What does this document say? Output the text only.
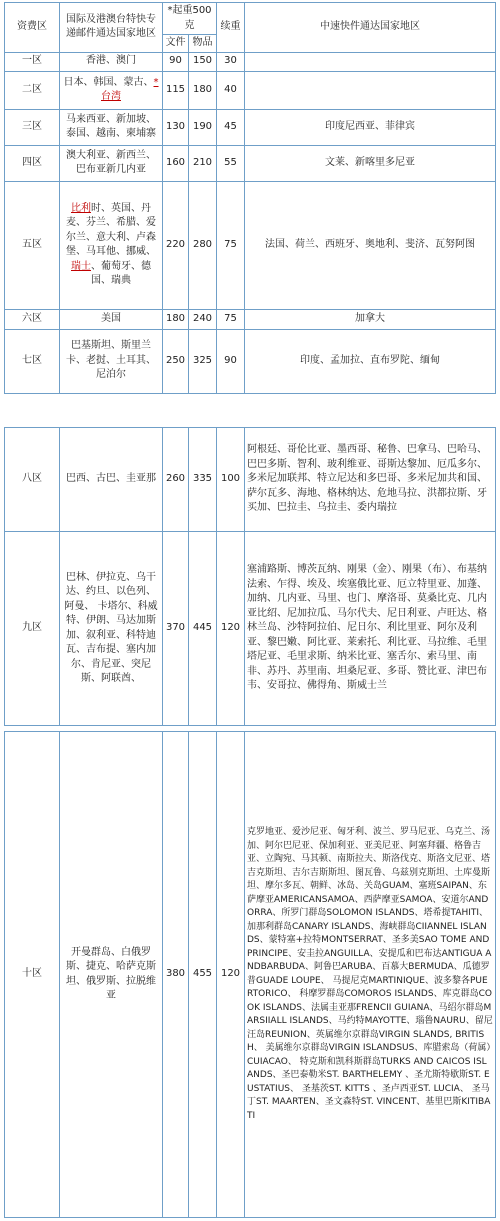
资费区	国际及港澳台特快专递邮件通达国家地区	*起重500克		续重	中速快件通达国家地区
		文件	物品		
一区	香港、澳门	90	150	30	
二区	日本、韩国、蒙古、*台湾	115	180	40	
三区	马来西亚、新加坡、泰国、越南、柬埔寨	130	190	45	印度尼西亚、菲律宾
四区	澳大利亚、新西兰、巴布亚新几内亚	160	210	55	文莱、新喀里多尼亚
五区	比利时、英国、丹麦、芬兰、希腊、爱尔兰、意大利、卢森堡、马耳他、挪威、瑞士、葡萄牙、德国、瑞典	220	280	75	法国、荷兰、西班牙、奥地利、斐济、瓦努阿图
六区	美国	180	240	75	加拿大
七区	巴基斯坦、斯里兰卡、老挝、土耳其、尼泊尔	250	325	90	印度、孟加拉、直布罗陀、缅甸
八区	巴西、古巴、圭亚那	260	335	100	阿根廷、哥伦比亚、墨西哥、秘鲁、巴拿马、巴哈马、巴巴多斯、智利、玻利维亚、哥斯达黎加、厄瓜多尔、多米尼加联邦、特立尼达和多巴哥、多米尼加共和国、萨尔瓦多、海地、格林纳达、危地马拉、洪都拉斯、牙买加、巴拉圭、乌拉圭、委内瑞拉
九区	巴林、伊拉克、乌干达、约旦、以色列、阿曼、 卡塔尔、科威特、伊朗、马达加斯加、叙利亚、科特迪瓦、吉布提、塞内加尔、肯尼亚、突尼斯、阿联酋、	370	445	120	塞浦路斯、博茨瓦纳、刚果（金）、刚果（布）、布基纳法索、乍得、埃及、埃塞俄比亚、厄立特里亚、加蓬、加纳、几内亚、马里、也门、摩洛哥、莫桑比克、几内亚比绍、尼加拉瓜、马尔代夫、尼日利亚、卢旺达、格林兰岛、沙特阿拉伯、尼日尔、利比里亚、阿尔及利亚、黎巴嫩、阿比亚、莱索托、利比亚、马拉维、毛里塔尼亚、毛里求斯、纳米比亚、塞舌尔、索马里、南非、苏丹、苏里南、坦桑尼亚、多哥、赞比亚、津巴布韦、安哥拉、佛得角、斯威士兰
十区	开曼群岛、白俄罗斯、捷克、哈萨克斯坦、俄罗斯、拉脱维亚	380	455	120	克罗地亚、爱沙尼亚、匈牙利、波兰、罗马尼亚、乌克兰、汤加、阿尔巴尼亚、保加利亚、亚美尼亚、阿塞拜疆、格鲁吉亚、立陶宛、马其顿、南斯拉夫、斯洛伐克、斯洛文尼亚、塔吉克斯坦、吉尔吉斯斯坦、图瓦鲁、乌兹别克斯坦、土库曼斯坦、摩尔多瓦、朝鲜、冰岛、关岛GUAM、塞班SAIPAN、东萨摩亚AMERICANSAMOA、西萨摩亚SAMOA、安道尔ANDORRA、所罗门群岛SOLOMON ISLANDS、塔希提TAHITI、加那利群岛CANARY ISLANDS、海峡群岛CIIANNEL ISLANDS、蒙特塞+拉特MONTSERRAT、圣多美SAO TOME AND PRINCIPE、安圭拉ANGUILLA、安提瓜和巴布达ANTIGUA ANDBARBUDA、阿鲁巴ARUBA、百慕大BERMUDA、瓜德罗普GUADE LOUPE、 马提尼克MARTINIQUE、波多黎各PUERTORICO、 科摩罗群岛COMOROS ISLANDS、库克群岛COOK ISLANDS、法属圭亚那FRENCII GUIANA、马绍尔群岛MARSIIALL ISLANDS、马约特MAYOTTE、瑙鲁NAURU、留尼汪岛REUNION、英属维尔京群岛VIRGIN SLANDS, BRITISH、 美属维尔京群岛VIRGIN ISLANDSUS、库腊索岛（荷属）CUIACAO、 特克斯和凯科斯群岛TURKS AND CAICOS ISLANDS、圣巴泰勒米ST. BARTHELEMY 、圣尤斯特歇斯ST. EUSTATIUS、 圣基茨ST. KITTS 、圣卢西亚ST. LUCIA、 圣马丁ST. MAARTEN、圣文森特ST. VINCENT、基里巴斯KITIBATI
